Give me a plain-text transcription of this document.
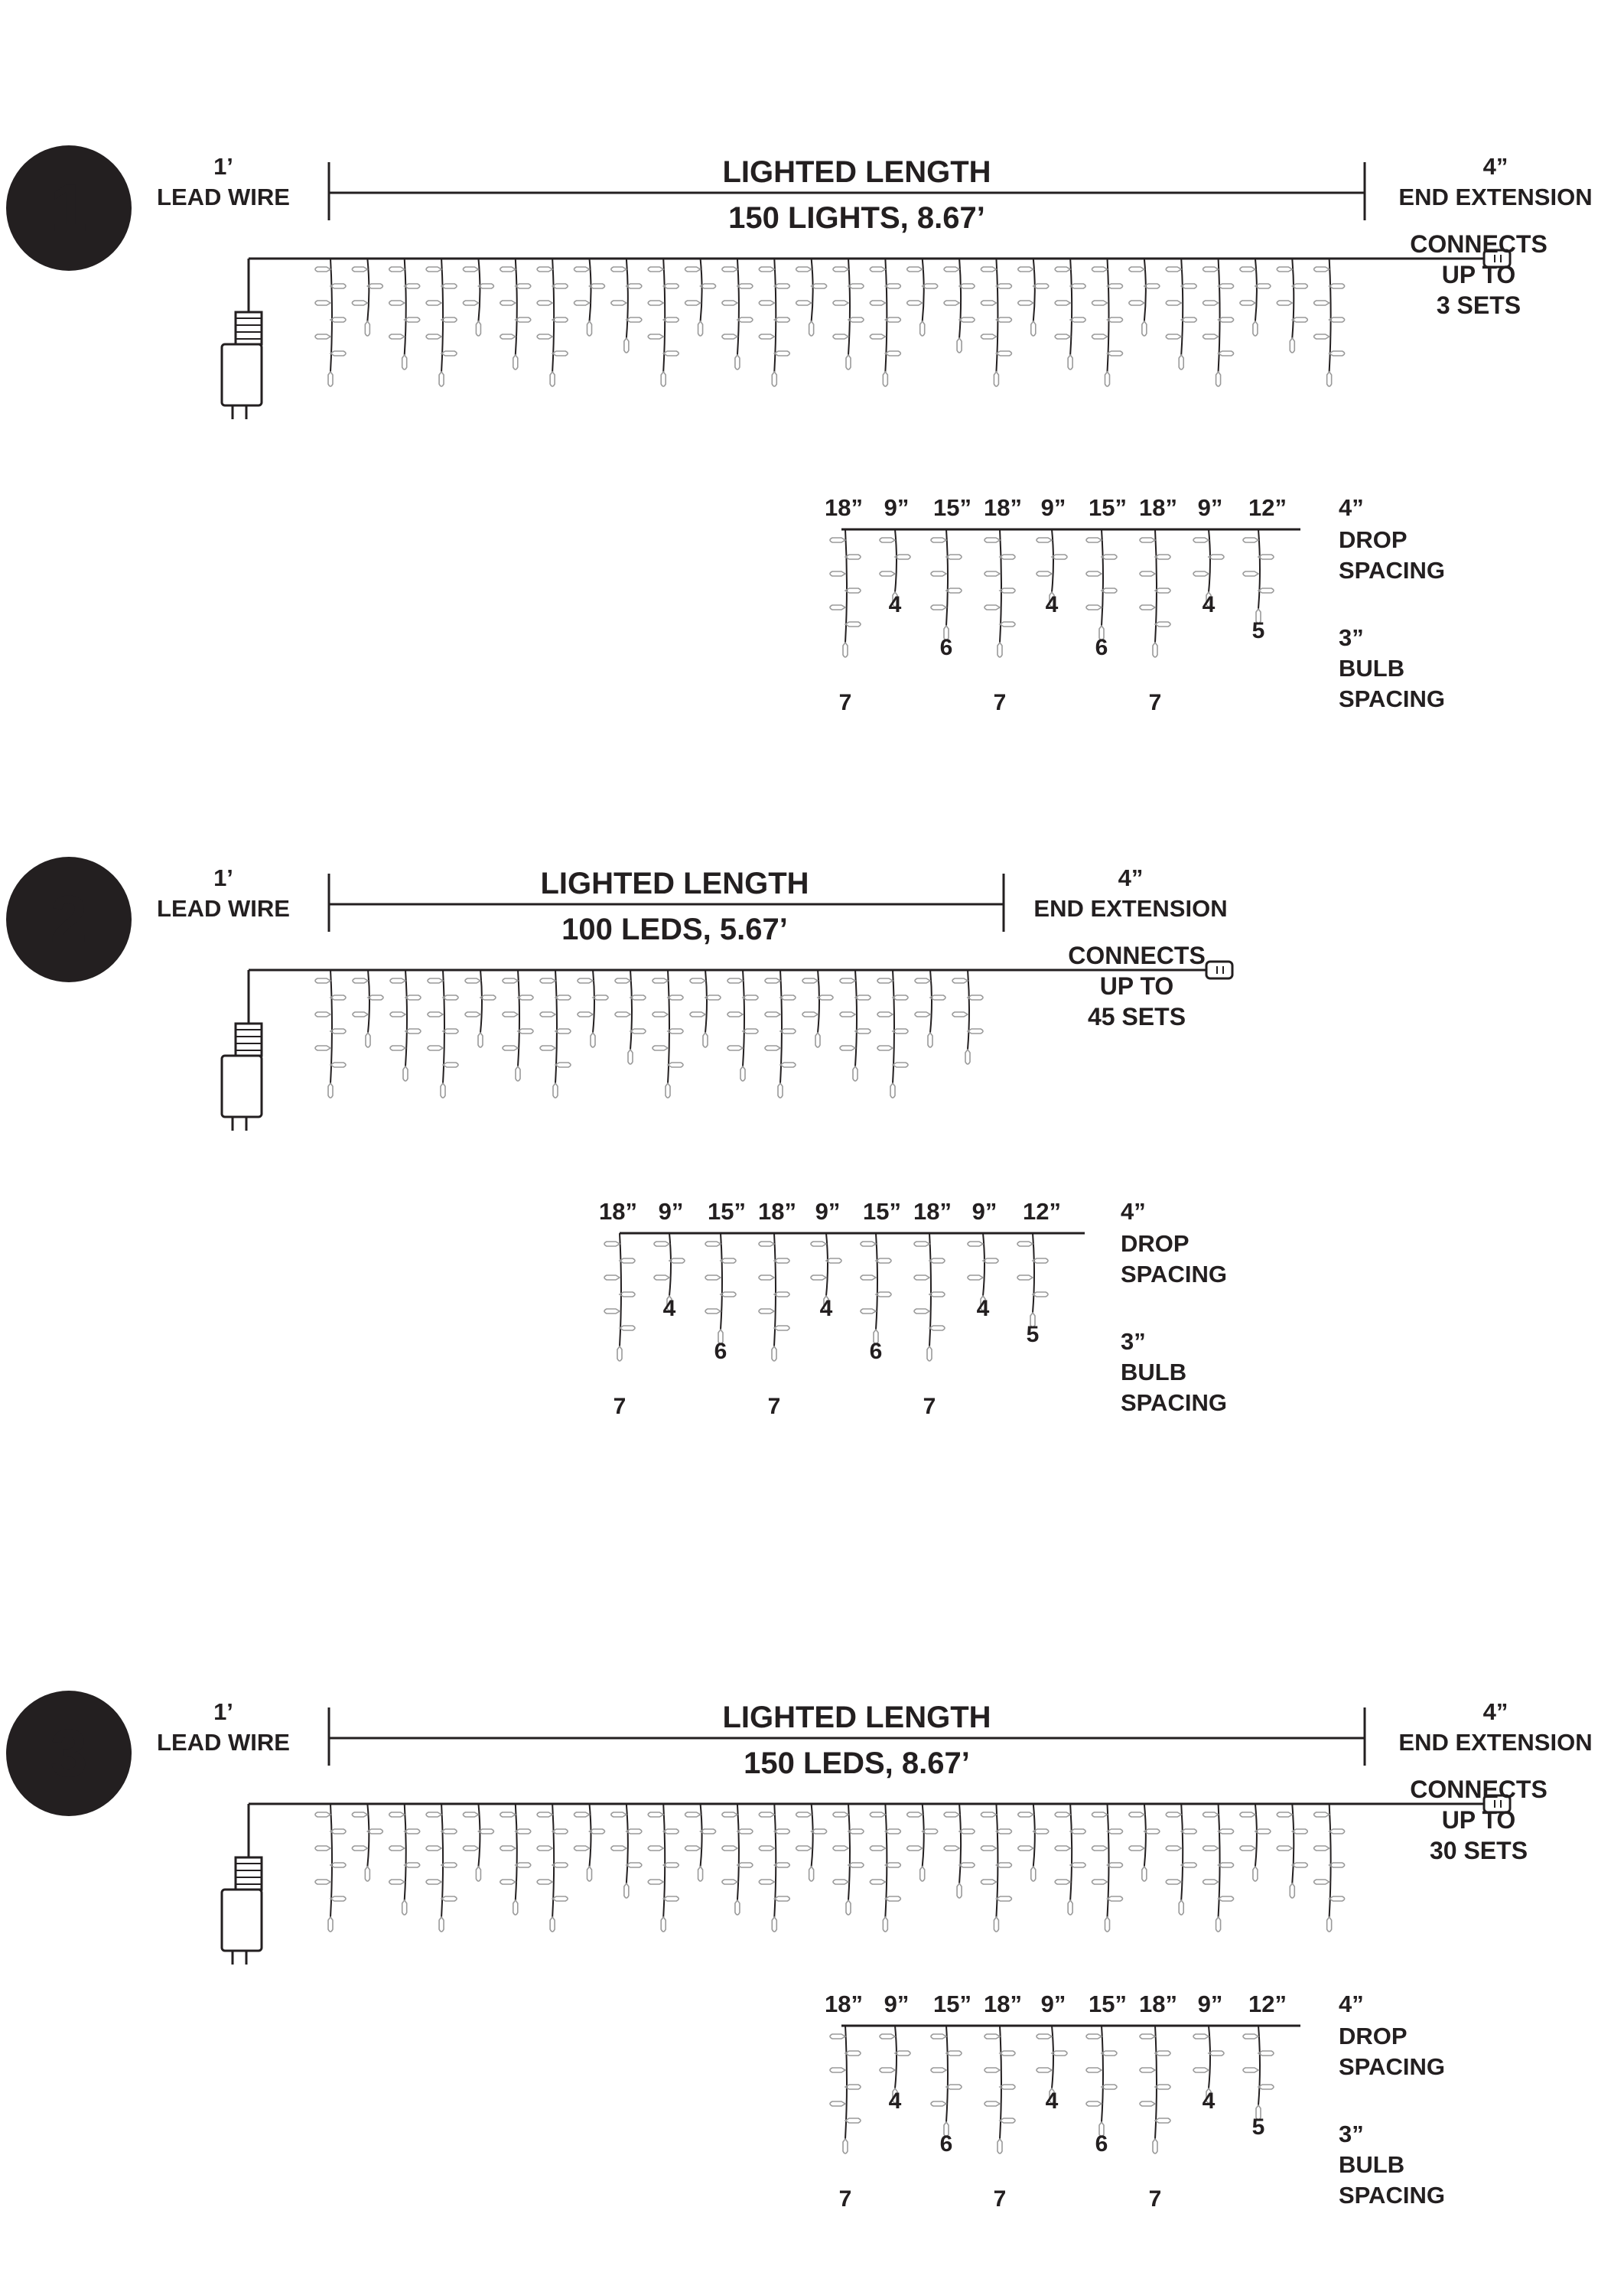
1
1’
LEAD WIRE
LIGHTED LENGTH
150 LIGHTS, 8.67’
4”
END EXTENSION
CONNECTS
UP TO
3 SETS
18”
7
9”
4
15”
6
18”
7
9”
4
15”
6
18”
7
9”
4
12”
5
4”
DROP
SPACING
3”
BULB
SPACING
2
1’
LEAD WIRE
LIGHTED LENGTH
100 LEDS, 5.67’
4”
END EXTENSION
CONNECTS
UP TO
45 SETS
18”
7
9”
4
15”
6
18”
7
9”
4
15”
6
18”
7
9”
4
12”
5
4”
DROP
SPACING
3”
BULB
SPACING
3
1’
LEAD WIRE
LIGHTED LENGTH
150 LEDS, 8.67’
4”
END EXTENSION
CONNECTS
UP TO
30 SETS
18”
7
9”
4
15”
6
18”
7
9”
4
15”
6
18”
7
9”
4
12”
5
4”
DROP
SPACING
3”
BULB
SPACING
